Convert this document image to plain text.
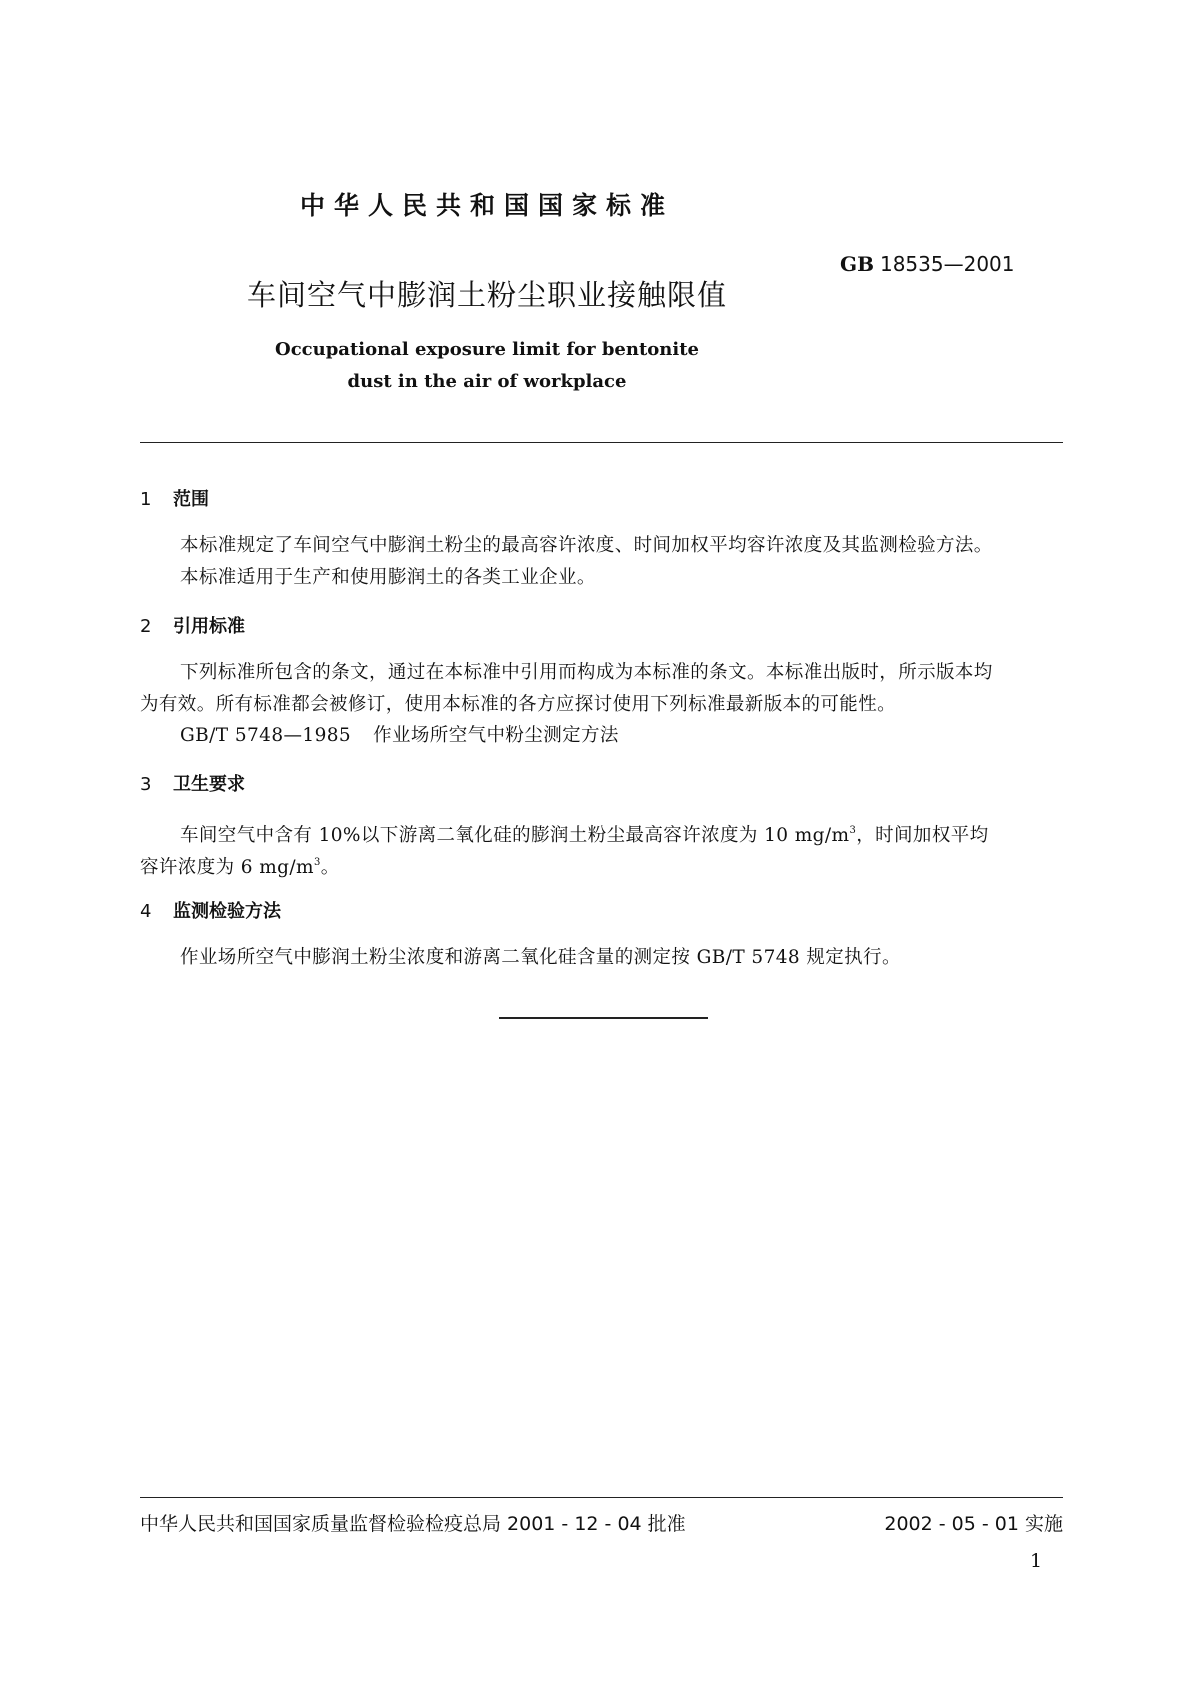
中华人民共和国国家标准
GB 18535—2001
车间空气中膨润土粉尘职业接触限值
Occupational exposure limit for bentonite
dust in the air of workplace
1 范围
本标准规定了车间空气中膨润土粉尘的最高容许浓度、时间加权平均容许浓度及其监测检验方法。
本标准适用于生产和使用膨润土的各类工业企业。
2 引用标准
下列标准所包含的条文，通过在本标准中引用而构成为本标准的条文。本标准出版时，所示版本均
为有效。所有标准都会被修订，使用本标准的各方应探讨使用下列标准最新版本的可能性。
GB/T 5748—1985 作业场所空气中粉尘测定方法
3 卫生要求
车间空气中含有 10%以下游离二氧化硅的膨润土粉尘最高容许浓度为 10 $mg/m^3$，时间加权平均
容许浓度为 6 $mg/m^3$。
4 监测检验方法
作业场所空气中膨润土粉尘浓度和游离二氧化硅含量的测定按 GB/T 5748 规定执行。
中华人民共和国国家质量监督检验检疫总局 2001 - 12 - 04 批准	2002 - 05 - 01 实施
1
